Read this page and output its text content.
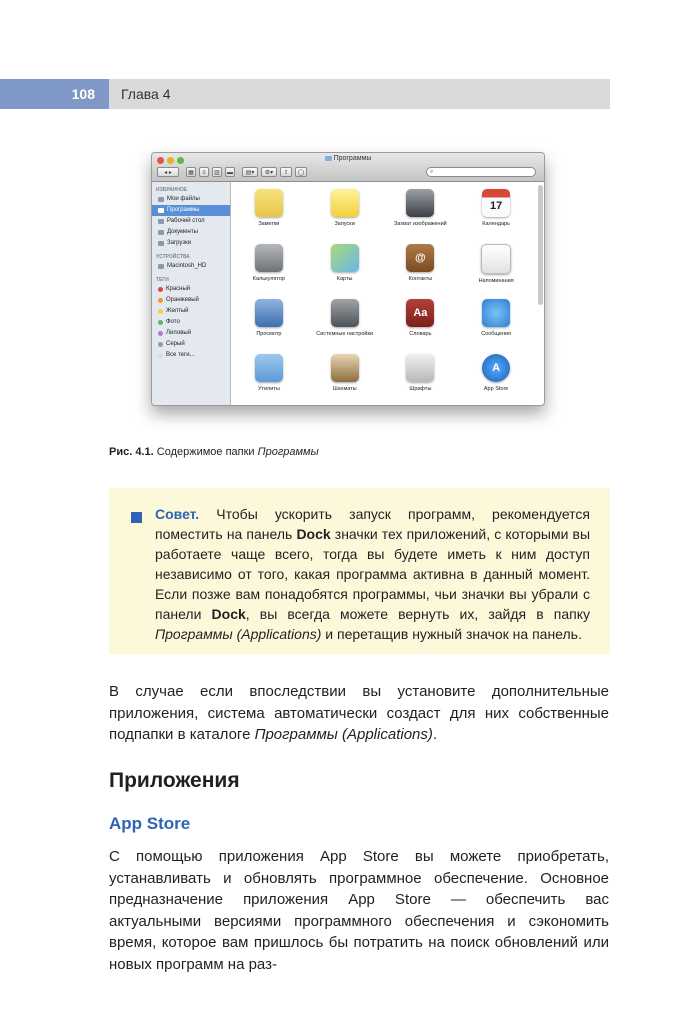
108	Глава 4
Программы
◂ ▸	▦	≡	▥	▬	▤▾	⚙▾	⇪	◯	⌕
ИЗБРАННОЕ
Мои файлы
Программы
Рабочий стол
Документы
Загрузки
УСТРОЙСТВА
Macintosh_HD
ТЕГИ
Красный
Оранжевый
Желтый
Фото
Лиловый
Серый
Все теги...
Заметки	Запуски	Захват изображений
17
Календарь
Калькулятор	Карты
@
Контакты	Напоминания
Просмотр	Системные настройки
Aa
Словарь	Сообщения
Утилиты	Шахматы	Шрифты
A
App Store
Рис. 4.1. Содержимое папки Программы

Совет. Чтобы ускорить запуск программ, рекомендуется поместить на панель Dock значки тех приложений, с которыми вы работаете чаще всего, тогда вы будете иметь к ним доступ независимо от того, какая программа активна в данный момент. Если позже вам понадобятся программы, чьи значки вы убрали с панели Dock, вы всегда можете вернуть их, зайдя в папку Программы (Applications) и перетащив нужный значок на панель.

В случае если впоследствии вы установите дополнительные приложения, система автоматически создаст для них собственные подпапки в каталоге Программы (Applications).

Приложения
App Store

С помощью приложения App Store вы можете приобретать, устанавливать и обновлять программное обеспечение. Основное предназначение приложения App Store — обеспечить вас актуальными версиями программного обеспечения и сэкономить время, которое вам пришлось бы потратить на поиск обновлений или новых программ на раз-
